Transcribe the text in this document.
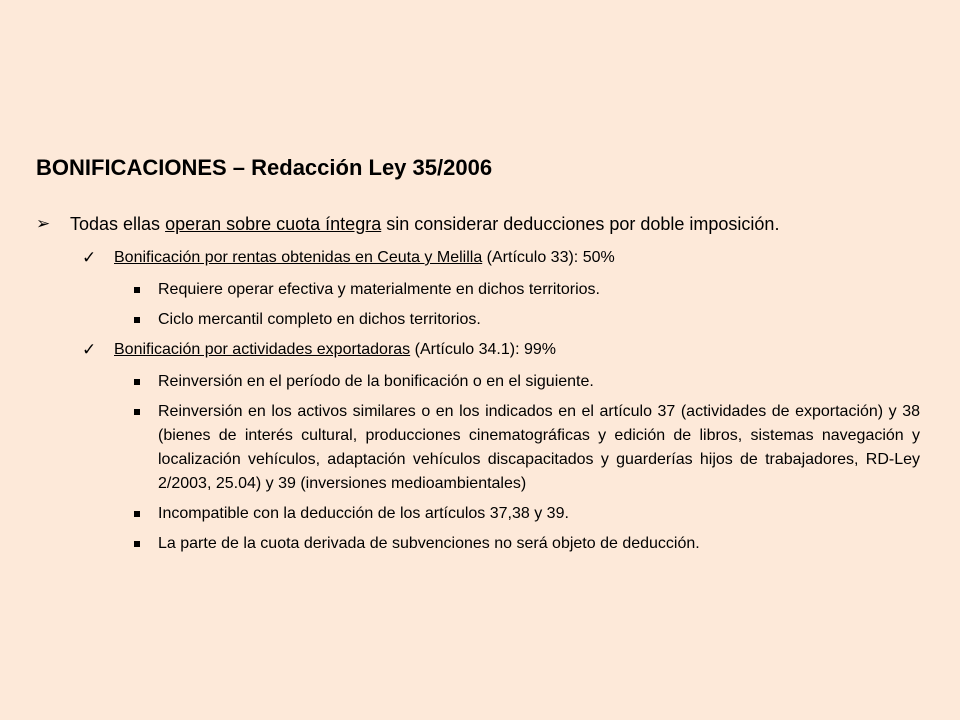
BONIFICACIONES – Redacción Ley 35/2006

➢ Todas ellas operan sobre cuota íntegra sin considerar deducciones por doble imposición.

✓ Bonificación por rentas obtenidas en Ceuta y Melilla (Artículo 33): 50%
Requiere operar efectiva y materialmente en dichos territorios.
Ciclo mercantil completo en dichos territorios.
✓ Bonificación por actividades exportadoras (Artículo 34.1): 99%
Reinversión en el período de la bonificación o en el siguiente.
Reinversión en los activos similares o en los indicados en el artículo 37 (actividades de exportación) y 38 (bienes de interés cultural, producciones cinematográficas y edición de libros, sistemas navegación y localización vehículos, adaptación vehículos discapacitados y guarderías hijos de trabajadores, RD-Ley 2/2003, 25.04) y 39 (inversiones medioambientales)
Incompatible con la deducción de los artículos 37,38 y 39.
La parte de la cuota derivada de subvenciones no será objeto de deducción.
